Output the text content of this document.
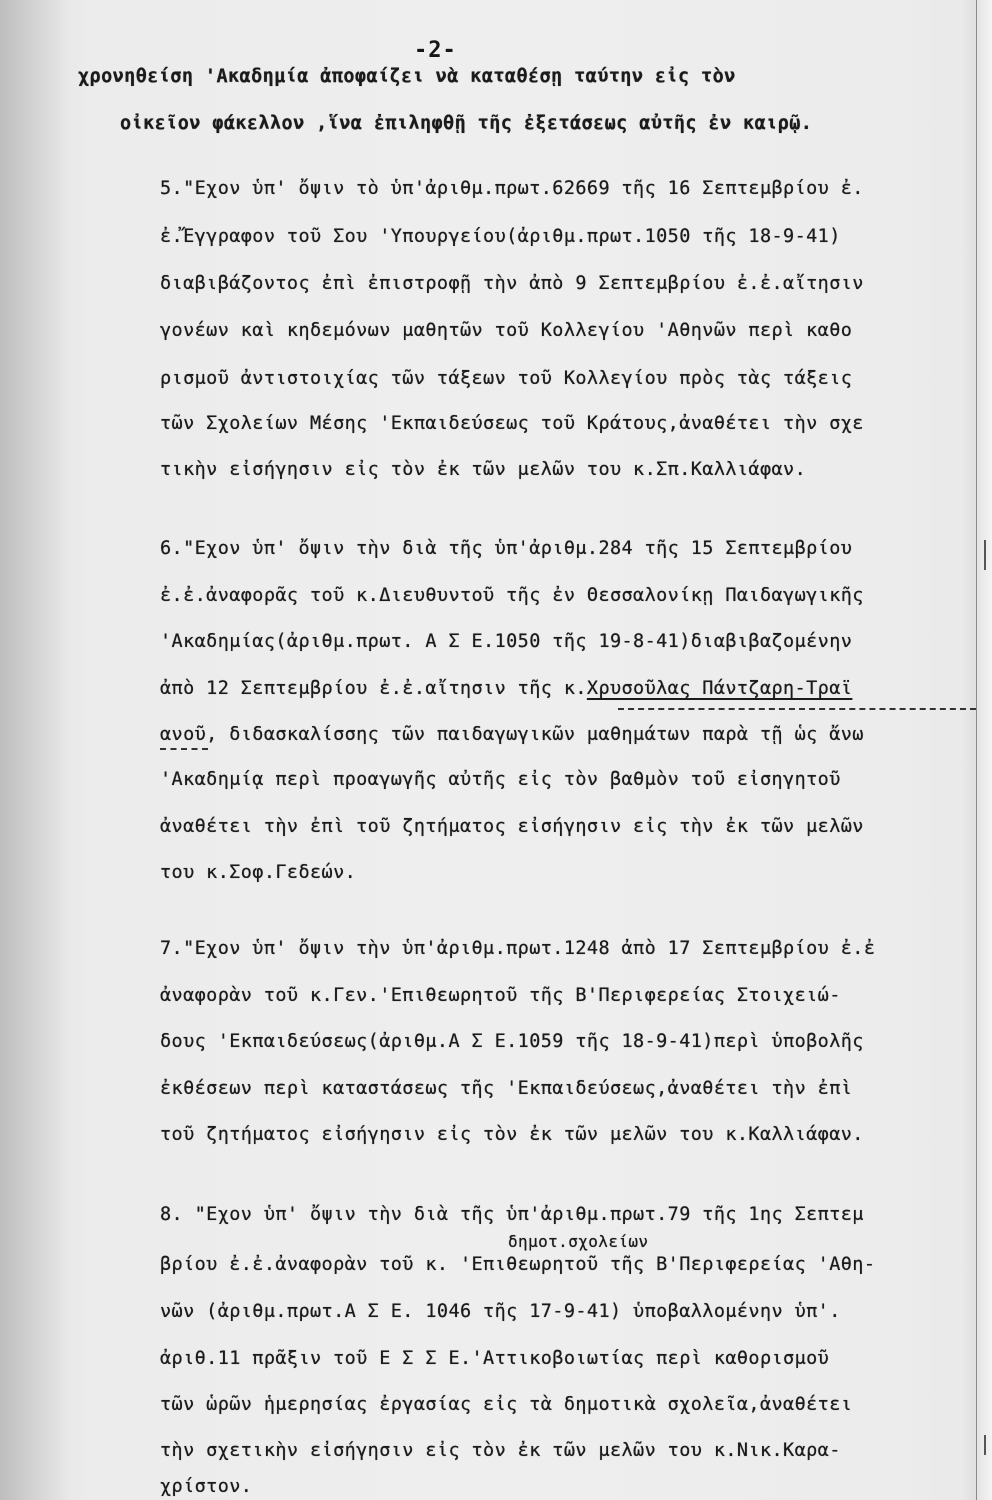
-2-
χρονηθείση 'Ακαδημία ἀποφαίζει νὰ καταθέσῃ ταύτην εἰς τὸν
οἰκεῖον φάκελλον ,ἵνα ἐπιληφθῇ τῆς ἐξετάσεως αὐτῆς ἐν καιρῷ.
5."Εχον ὑπ' ὄψιν τὸ ὑπ'ἀριθμ.πρωτ.62669 τῆς 16 Σεπτεμβρίου ἐ.
ἐ.Ἔγγραφον τοῦ Σου 'Υπουργείου(ἀριθμ.πρωτ.1050 τῆς 18-9-41)
διαβιβάζοντος ἐπὶ ἐπιστροφῇ τὴν ἀπὸ 9 Σεπτεμβρίου ἐ.ἐ.αἴτησιν
γονέων καὶ κηδεμόνων μαθητῶν τοῦ Κολλεγίου 'Αθηνῶν περὶ καθο
ρισμοῦ ἀντιστοιχίας τῶν τάξεων τοῦ Κολλεγίου πρὸς τὰς τάξεις
τῶν Σχολείων Μέσης 'Εκπαιδεύσεως τοῦ Κράτους,ἀναθέτει τὴν σχε
τικὴν εἰσήγησιν εἰς τὸν ἐκ τῶν μελῶν του κ.Σπ.Καλλιάφαν.
6."Εχον ὑπ' ὄψιν τὴν διὰ τῆς ὑπ'ἀριθμ.284 τῆς 15 Σεπτεμβρίου
ἐ.ἐ.ἀναφορᾶς τοῦ κ.Διευθυντοῦ τῆς ἐν Θεσσαλονίκῃ Παιδαγωγικῆς
'Ακαδημίας(ἀριθμ.πρωτ. Α Σ Ε.1050 τῆς 19-8-41)διαβιβαζομένην
ἀπὸ 12 Σεπτεμβρίου ἐ.ἐ.αἴτησιν τῆς κ.Χρυσοῦλας Πάντζαρη-Τραϊ
ανοῦ, διδασκαλίσσης τῶν παιδαγωγικῶν μαθημάτων παρὰ τῇ ὡς ἄνω
'Ακαδημίᾳ περὶ προαγωγῆς αὐτῆς εἰς τὸν βαθμὸν τοῦ εἰσηγητοῦ
ἀναθέτει τὴν ἐπὶ τοῦ ζητήματος εἰσήγησιν εἰς τὴν ἐκ τῶν μελῶν
του κ.Σοφ.Γεδεών.
7."Εχον ὑπ' ὄψιν τὴν ὑπ'ἀριθμ.πρωτ.1248 ἀπὸ 17 Σεπτεμβρίου ἐ.ἐ
ἀναφορὰν τοῦ κ.Γεν.'Επιθεωρητοῦ τῆς Β'Περιφερείας Στοιχειώ-
δους 'Εκπαιδεύσεως(ἀριθμ.Α Σ Ε.1059 τῆς 18-9-41)περὶ ὑποβολῆς
ἐκθέσεων περὶ καταστάσεως τῆς 'Εκπαιδεύσεως,ἀναθέτει τὴν ἐπὶ
τοῦ ζητήματος εἰσήγησιν εἰς τὸν ἐκ τῶν μελῶν του κ.Καλλιάφαν.
8. "Εχον ὑπ' ὄψιν τὴν διὰ τῆς ὑπ'ἀριθμ.πρωτ.79 τῆς 1ης Σεπτεμ
δημοτ.σχολείων
βρίου ἐ.ἐ.ἀναφορὰν τοῦ κ. 'Επιθεωρητοῦ τῆς Β'Περιφερείας 'Αθη-
νῶν (ἀριθμ.πρωτ.Α Σ Ε. 1046 τῆς 17-9-41) ὑποβαλλομένην ὑπ'.
ἀριθ.11 πρᾶξιν τοῦ Ε Σ Σ Ε.'Αττικοβοιωτίας περὶ καθορισμοῦ
τῶν ὡρῶν ἡμερησίας ἐργασίας εἰς τὰ δημοτικὰ σχολεῖα,ἀναθέτει
τὴν σχετικὴν εἰσήγησιν εἰς τὸν ἐκ τῶν μελῶν του κ.Νικ.Καρα-
χρίστον.
